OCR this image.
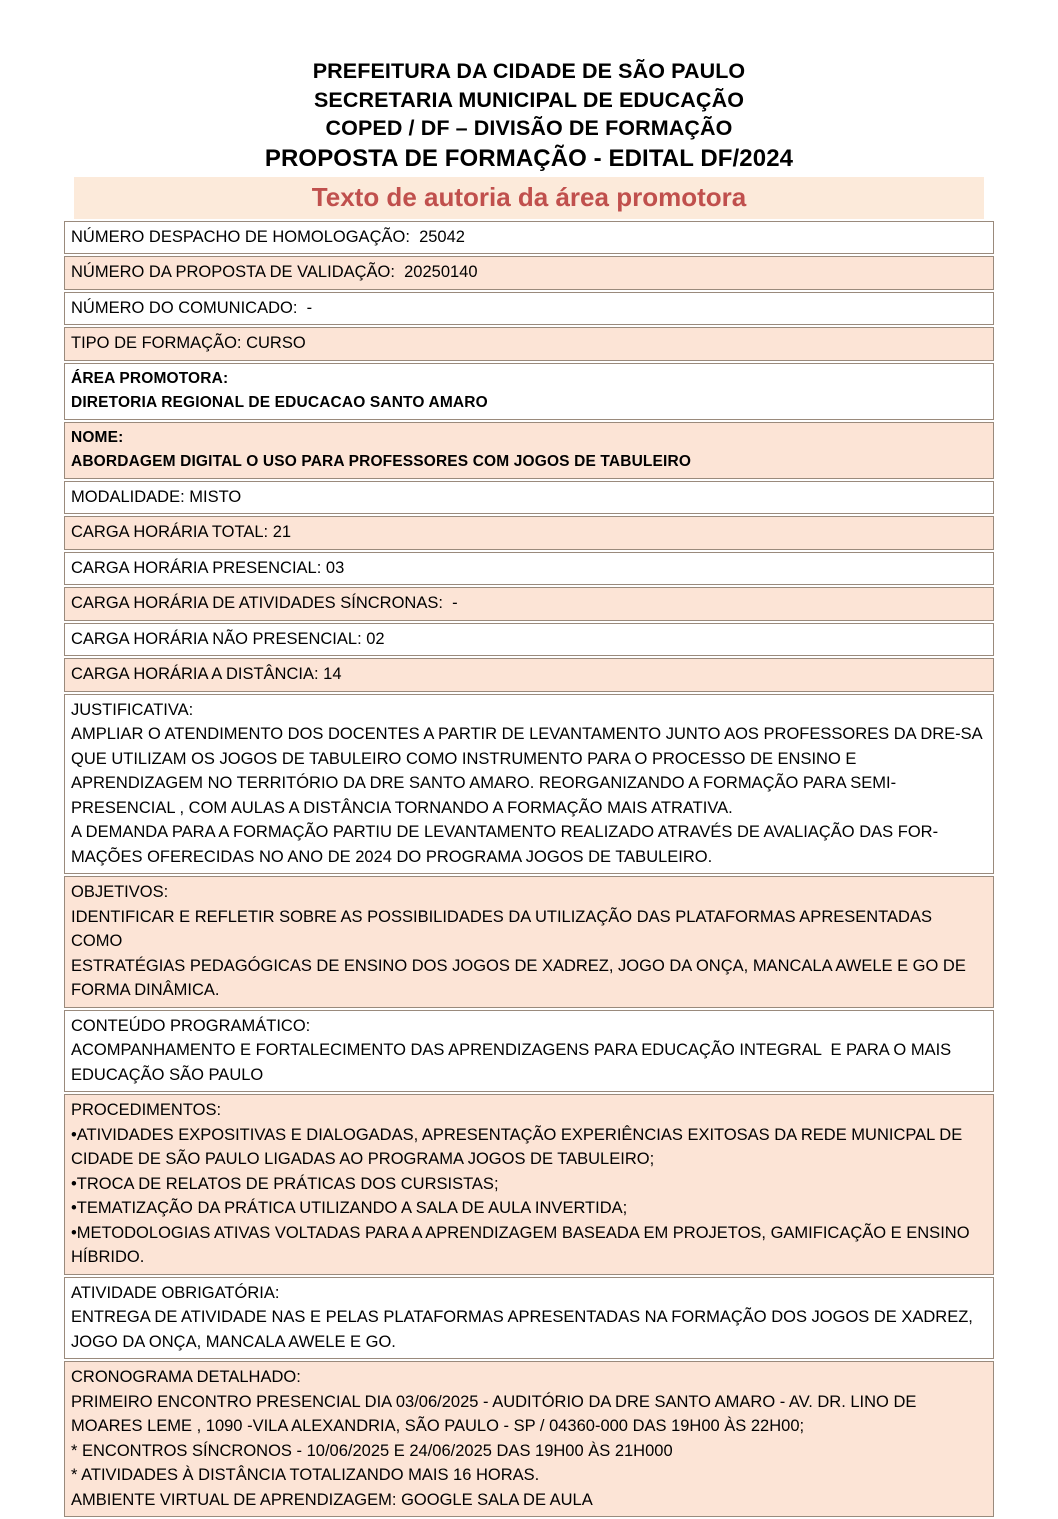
PREFEITURA DA CIDADE DE SÃO PAULO
SECRETARIA MUNICIPAL DE EDUCAÇÃO
COPED / DF – DIVISÃO DE FORMAÇÃO
PROPOSTA DE FORMAÇÃO - EDITAL DF/2024
Texto de autoria da área promotora
NÚMERO DESPACHO DE HOMOLOGAÇÃO:  25042
NÚMERO DA PROPOSTA DE VALIDAÇÃO:  20250140
NÚMERO DO COMUNICADO:  -
TIPO DE FORMAÇÃO: CURSO
ÁREA PROMOTORA:
DIRETORIA REGIONAL DE EDUCACAO SANTO AMARO
NOME:
ABORDAGEM DIGITAL O USO PARA PROFESSORES COM JOGOS DE TABULEIRO
MODALIDADE: MISTO
CARGA HORÁRIA TOTAL: 21
CARGA HORÁRIA PRESENCIAL: 03
CARGA HORÁRIA DE ATIVIDADES SÍNCRONAS:  -
CARGA HORÁRIA NÃO PRESENCIAL: 02
CARGA HORÁRIA A DISTÂNCIA: 14
JUSTIFICATIVA:
AMPLIAR O ATENDIMENTO DOS DOCENTES A PARTIR DE LEVANTAMENTO JUNTO AOS PROFESSORES DA DRE-SA
QUE UTILIZAM OS JOGOS DE TABULEIRO COMO INSTRUMENTO PARA O PROCESSO DE ENSINO E
APRENDIZAGEM NO TERRITÓRIO DA DRE SANTO AMARO. REORGANIZANDO A FORMAÇÃO PARA SEMI-
PRESENCIAL , COM AULAS A DISTÂNCIA TORNANDO A FORMAÇÃO MAIS ATRATIVA.
A DEMANDA PARA A FORMAÇÃO PARTIU DE LEVANTAMENTO REALIZADO ATRAVÉS DE AVALIAÇÃO DAS FOR-
MAÇÕES OFERECIDAS NO ANO DE 2024 DO PROGRAMA JOGOS DE TABULEIRO.
OBJETIVOS:
IDENTIFICAR E REFLETIR SOBRE AS POSSIBILIDADES DA UTILIZAÇÃO DAS PLATAFORMAS APRESENTADAS COMO
ESTRATÉGIAS PEDAGÓGICAS DE ENSINO DOS JOGOS DE XADREZ, JOGO DA ONÇA, MANCALA AWELE E GO DE
FORMA DINÂMICA.
CONTEÚDO PROGRAMÁTICO:
ACOMPANHAMENTO E FORTALECIMENTO DAS APRENDIZAGENS PARA EDUCAÇÃO INTEGRAL  E PARA O MAIS
EDUCAÇÃO SÃO PAULO
PROCEDIMENTOS:
•ATIVIDADES EXPOSITIVAS E DIALOGADAS, APRESENTAÇÃO EXPERIÊNCIAS EXITOSAS DA REDE MUNICPAL DE
CIDADE DE SÃO PAULO LIGADAS AO PROGRAMA JOGOS DE TABULEIRO;
•TROCA DE RELATOS DE PRÁTICAS DOS CURSISTAS;
•TEMATIZAÇÃO DA PRÁTICA UTILIZANDO A SALA DE AULA INVERTIDA;
•METODOLOGIAS ATIVAS VOLTADAS PARA A APRENDIZAGEM BASEADA EM PROJETOS, GAMIFICAÇÃO E ENSINO
HÍBRIDO.
ATIVIDADE OBRIGATÓRIA:
ENTREGA DE ATIVIDADE NAS E PELAS PLATAFORMAS APRESENTADAS NA FORMAÇÃO DOS JOGOS DE XADREZ,
JOGO DA ONÇA, MANCALA AWELE E GO.
CRONOGRAMA DETALHADO:
PRIMEIRO ENCONTRO PRESENCIAL DIA 03/06/2025 - AUDITÓRIO DA DRE SANTO AMARO - AV. DR. LINO DE
MOARES LEME , 1090 -VILA ALEXANDRIA, SÃO PAULO - SP / 04360-000 DAS 19H00 ÀS 22H00;
* ENCONTROS SÍNCRONOS - 10/06/2025 E 24/06/2025 DAS 19H00 ÀS 21H000
* ATIVIDADES À DISTÂNCIA TOTALIZANDO MAIS 16 HORAS.
AMBIENTE VIRTUAL DE APRENDIZAGEM: GOOGLE SALA DE AULA
